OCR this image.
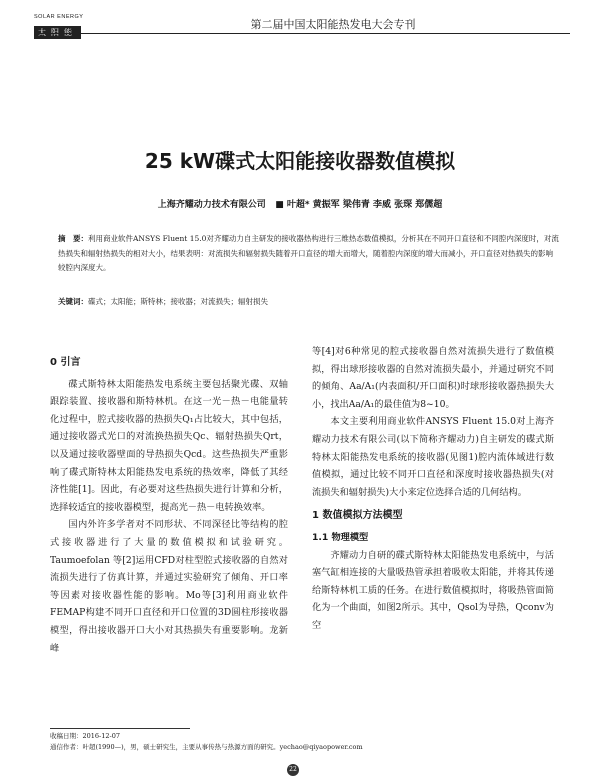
SOLAR ENERGY
太阳能
第二届中国太阳能热发电大会专刊
25 kW碟式太阳能接收器数值模拟
上海齐耀动力技术有限公司 ■ 叶超* 黄振军 梁伟青 李威 张琛 郑儒超
摘　要：利用商业软件ANSYS Fluent 15.0对齐耀动力自主研发的接收器热构进行三维热态数值模拟，分析其在不同开口直径和不同腔内深度时，对流热损失和辐射热损失的相对大小，结果表明：对流损失和辐射损失随着开口直径的增大而增大，随着腔内深度的增大而减小，开口直径对热损失的影响较腔内深度大。
关键词：碟式；太阳能；斯特林；接收器；对流损失；辐射损失
0 引言

碟式斯特林太阳能热发电系统主要包括聚光碟、双轴跟踪装置、接收器和斯特林机。在这一光－热－电能量转化过程中，腔式接收器的热损失Q₁占比较大，其中包括，通过接收器式光口的对流换热损失Qc、辐射热损失Qrt，以及通过接收器壁面的导热损失Qcd。这些热损失严重影响了碟式斯特林太阳能热发电系统的热效率，降低了其经济性能[1]。因此，有必要对这些热损失进行计算和分析，选择较适宜的接收器模型，提高光－热－电转换效率。

国内外许多学者对不同形状、不同深径比等结构的腔式接收器进行了大量的数值模拟和试验研究。Taumoefolan 等[2]运用CFD对柱型腔式接收器的自然对流损失进行了仿真计算，并通过实验研究了倾角、开口率等因素对接收器性能的影响。Mo等[3]利用商业软件FEMAP构建不同开口直径和开口位置的3D圆柱形接收器模型，得出接收器开口大小对其热损失有重要影响。龙新峰

等[4]对6种常见的腔式接收器自然对流损失进行了数值模拟，得出球形接收器的自然对流损失最小，并通过研究不同的倾角、Aa/A₁(内表面积/开口面积)时球形接收器热损失大小，找出Aa/A₁的最佳值为8~10。

本文主要利用商业软件ANSYS Fluent 15.0对上海齐耀动力技术有限公司(以下简称齐耀动力)自主研发的碟式斯特林太阳能热发电系统的接收器(见图1)腔内流体域进行数值模拟，通过比较不同开口直径和深度时接收器热损失(对流损失和辐射损失)大小来定位选择合适的几何结构。

1 数值模拟方法模型
1.1 物理模型

齐耀动力自研的碟式斯特林太阳能热发电系统中，与活塞气缸相连接的大量吸热管承担着吸收太阳能，并将其传递给斯特林机工质的任务。在进行数值模拟时，将吸热管面简化为一个曲面，如图2所示。其中，Qsol为导热，Qconv为空

收稿日期：2016-12-07
通信作者：叶超(1990—)，男，硕士研究生，主要从事传热与热源方面的研究。yechao@qiyaopower.com
22
